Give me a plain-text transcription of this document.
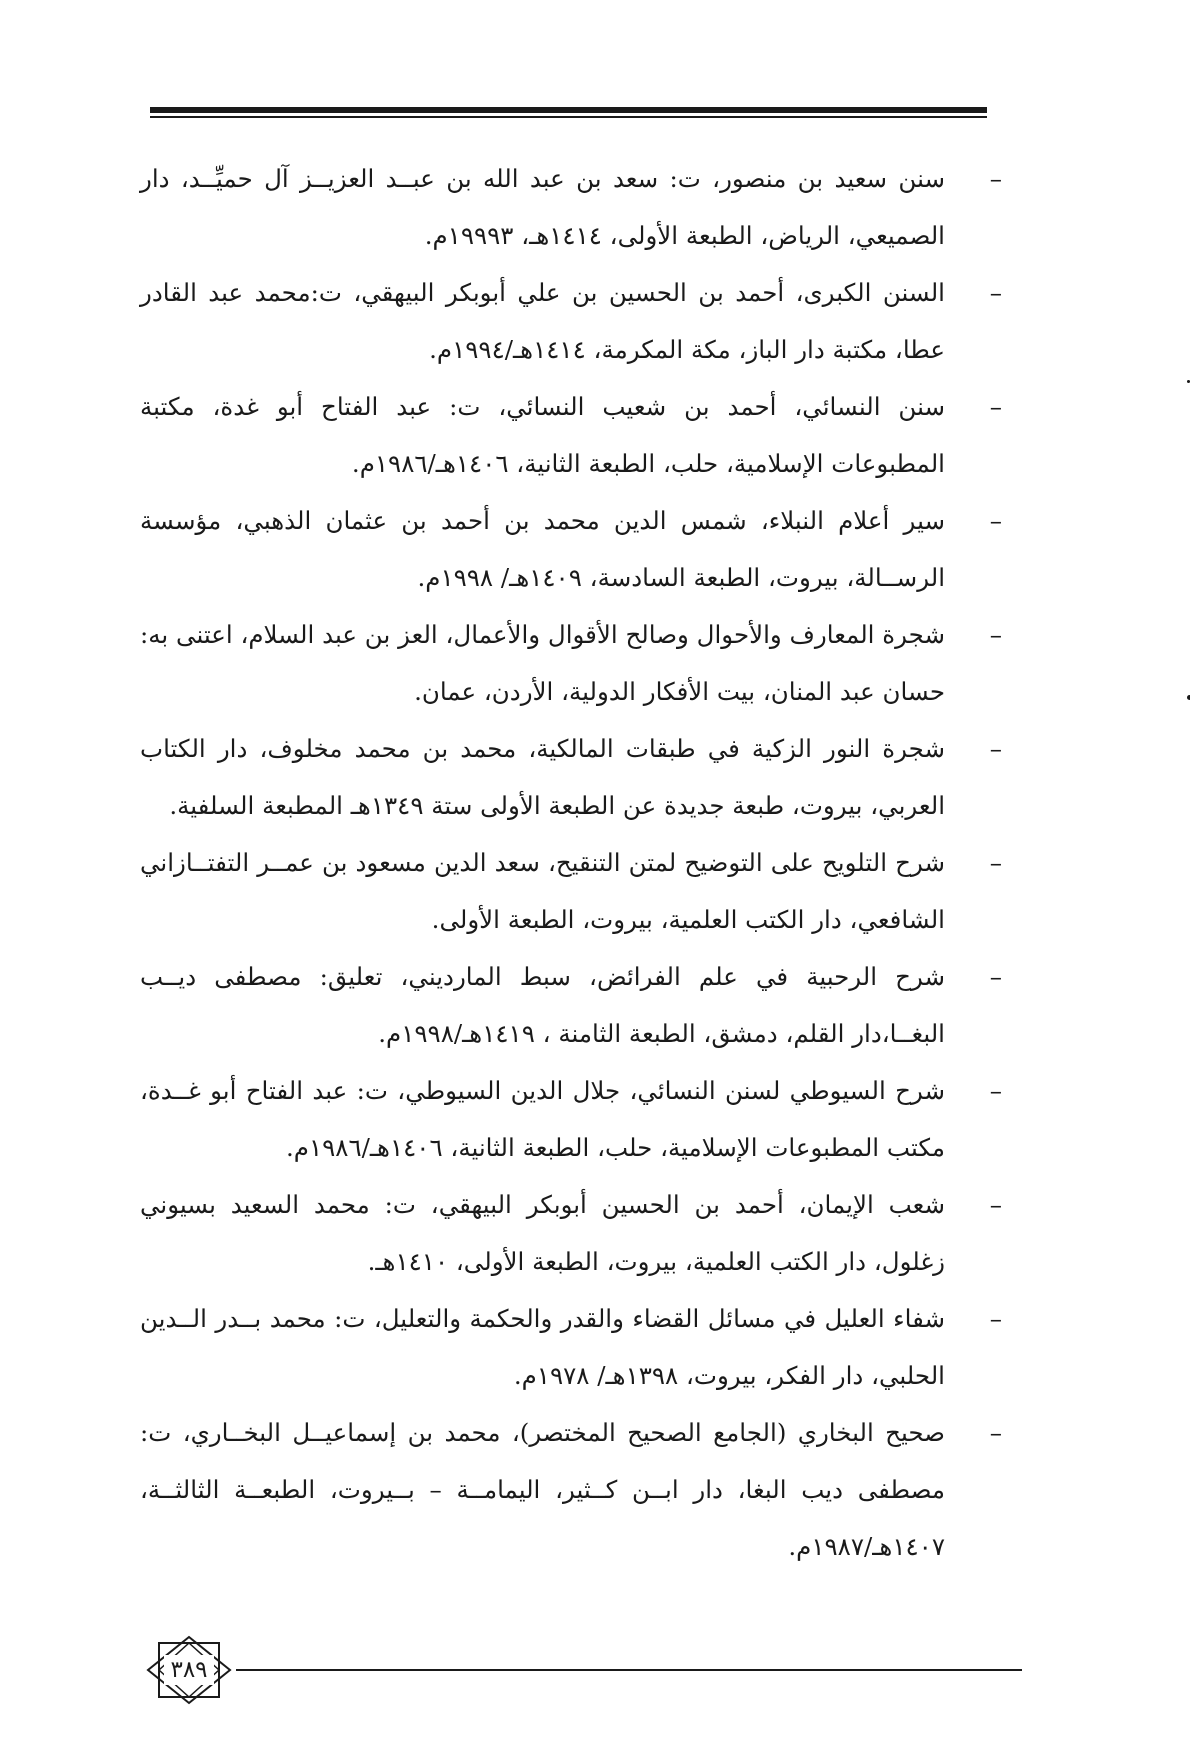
–
سنن سعيد بن منصور، ت: سعد بن عبد الله بن عبــد العزيــز آل حميِّــد، دار الصميعي، الرياض، الطبعة الأولى، ١٤١٤هـ، ١٩٩٩٣م.
–
السنن الكبرى، أحمد بن الحسين بن علي أبوبكر البيهقي، ت:محمد عبد القادر عطا، مكتبة دار الباز، مكة المكرمة، ١٤١٤هـ/١٩٩٤م.
–
سنن النسائي، أحمد بن شعيب النسائي، ت: عبد الفتاح أبو غدة، مكتبة المطبوعات الإسلامية، حلب، الطبعة الثانية، ١٤٠٦هـ/١٩٨٦م.
–
سير أعلام النبلاء، شمس الدين محمد بن أحمد بن عثمان الذهبي، مؤسسة الرســالة، بيروت، الطبعة السادسة، ١٤٠٩هـ/ ١٩٩٨م.
–
شجرة المعارف والأحوال وصالح الأقوال والأعمال، العز بن عبد السلام، اعتنى به: حسان عبد المنان، بيت الأفكار الدولية، الأردن، عمان.
–
شجرة النور الزكية في طبقات المالكية، محمد بن محمد مخلوف، دار الكتاب العربي، بيروت، طبعة جديدة عن الطبعة الأولى ستة ١٣٤٩هـ المطبعة السلفية.
–
شرح التلويح على التوضيح لمتن التنقيح، سعد الدين مسعود بن عمــر التفتــازاني الشافعي، دار الكتب العلمية، بيروت، الطبعة الأولى.
–
شرح الرحبية في علم الفرائض، سبط المارديني، تعليق: مصطفى ديــب البغــا،دار القلم، دمشق، الطبعة الثامنة ، ١٤١٩هـ/١٩٩٨م.
–
شرح السيوطي لسنن النسائي، جلال الدين السيوطي، ت: عبد الفتاح أبو غــدة، مكتب المطبوعات الإسلامية، حلب، الطبعة الثانية، ١٤٠٦هـ/١٩٨٦م.
–
شعب الإيمان، أحمد بن الحسين أبوبكر البيهقي، ت: محمد السعيد بسيوني زغلول، دار الكتب العلمية، بيروت، الطبعة الأولى، ١٤١٠هـ.
–
شفاء العليل في مسائل القضاء والقدر والحكمة والتعليل، ت: محمد بــدر الــدين الحلبي، دار الفكر، بيروت، ١٣٩٨هـ/ ١٩٧٨م.
–
صحيح البخاري (الجامع الصحيح المختصر)، محمد بن إسماعيــل البخــاري، ت: مصطفى ديب البغا، دار ابــن كــثير، اليمامــة – بــيروت، الطبعــة الثالثــة، ١٤٠٧هـ/١٩٨٧م.
٣٨٩
